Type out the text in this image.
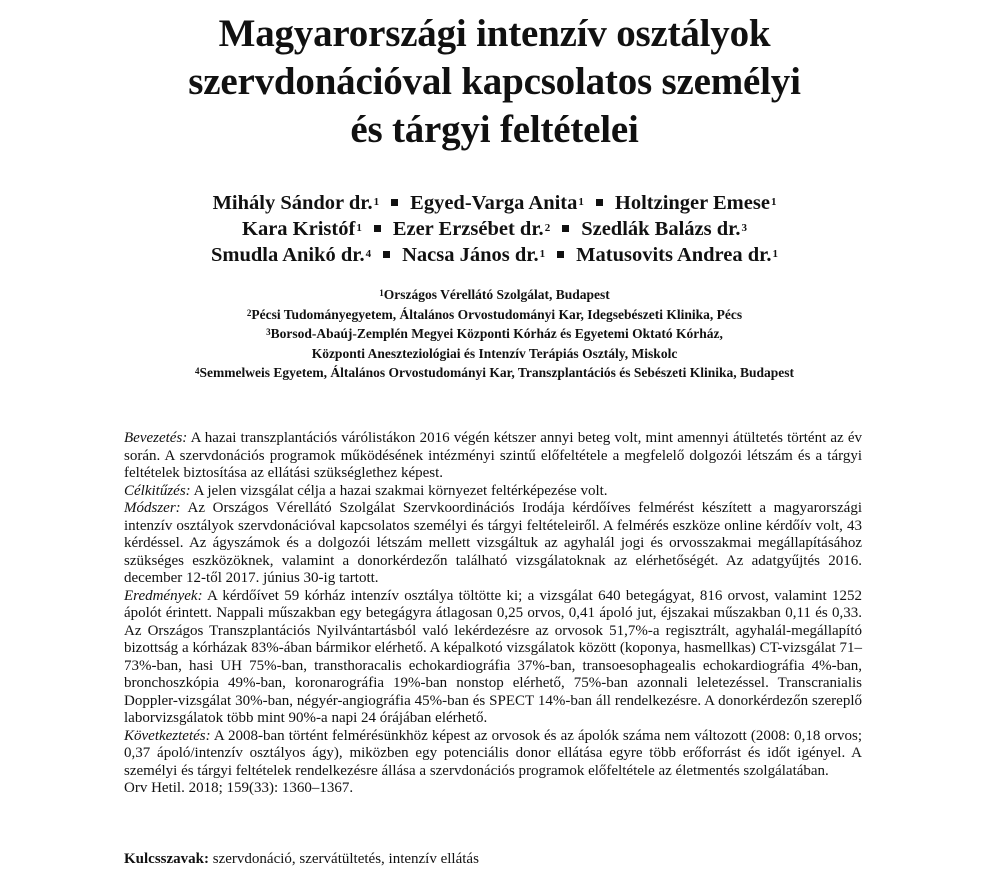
Magyarországi intenzív osztályok
szervdonációval kapcsolatos személyi
és tárgyi feltételei
Mihály Sándor dr.$^1$ Egyed-Varga Anita$^1$ Holtzinger Emese$^1$
Kara Kristóf$^1$ Ezer Erzsébet dr.$^2$ Szedlák Balázs dr.$^3$
Smudla Anikó dr.$^4$ Nacsa János dr.$^1$ Matusovits Andrea dr.$^1$
$^1$Országos Vérellátó Szolgálat, Budapest
$^2$Pécsi Tudományegyetem, Általános Orvostudományi Kar, Idegsebészeti Klinika, Pécs
$^3$Borsod-Abaúj-Zemplén Megyei Központi Kórház és Egyetemi Oktató Kórház,
Központi Aneszteziológiai és Intenzív Terápiás Osztály, Miskolc
$^4$Semmelweis Egyetem, Általános Orvostudományi Kar, Transzplantációs és Sebészeti Klinika, Budapest

Bevezetés: A hazai transzplantációs várólistákon 2016 végén kétszer annyi beteg volt, mint amennyi átültetés történt az év során. A szervdonációs programok működésének intézményi szintű előfeltétele a megfelelő dolgozói létszám és a tárgyi feltételek biztosítása az ellátási szükséglethez képest.

Célkitűzés: A jelen vizsgálat célja a hazai szakmai környezet feltérképezése volt.

Módszer: Az Országos Vérellátó Szolgálat Szervkoordinációs Irodája kérdőíves felmérést készített a magyarországi intenzív osztályok szervdonációval kapcsolatos személyi és tárgyi feltételeiről. A felmérés eszköze online kérdőív volt, 43 kérdéssel. Az ágyszámok és a dolgozói létszám mellett vizsgáltuk az agyhalál jogi és orvosszakmai megállapításához szükséges eszközöknek, valamint a donorkérdezőn található vizsgálatoknak az elérhetőségét. Az adatgyűjtés 2016. december 12-től 2017. június 30-ig tartott.

Eredmények: A kérdőívet 59 kórház intenzív osztálya töltötte ki; a vizsgálat 640 betegágyat, 816 orvost, valamint 1252 ápolót érintett. Nappali műszakban egy betegágyra átlagosan 0,25 orvos, 0,41 ápoló jut, éjszakai műszakban 0,11 és 0,33. Az Országos Transzplantációs Nyilvántartásból való lekérdezésre az orvosok 51,7%-a regisztrált, agyhalál-megállapító bizottság a kórházak 83%-ában bármikor elérhető. A képalkotó vizsgálatok között (koponya, hasmellkas) CT-vizsgálat 71–73%-ban, hasi UH 75%-ban, transthoracalis echokardiográfia 37%-ban, transoesophagealis echokardiográfia 4%-ban, bronchoszkópia 49%-ban, koronarográfia 19%-ban nonstop elérhető, 75%-ban azonnali leletezéssel. Transcranialis Doppler-vizsgálat 30%-ban, négyér-angiográfia 45%-ban és SPECT 14%-ban áll rendelkezésre. A donorkérdezőn szereplő laborvizsgálatok több mint 90%-a napi 24 órájában elérhető.

Következtetés: A 2008-ban történt felmérésünkhöz képest az orvosok és az ápolók száma nem változott (2008: 0,18 orvos; 0,37 ápoló/intenzív osztályos ágy), miközben egy potenciális donor ellátása egyre több erőforrást és időt igényel. A személyi és tárgyi feltételek rendelkezésre állása a szervdonációs programok előfeltétele az életmentés szolgálatában.

Orv Hetil. 2018; 159(33): 1360–1367.

Kulcsszavak: szervdonáció, szervátültetés, intenzív ellátás
